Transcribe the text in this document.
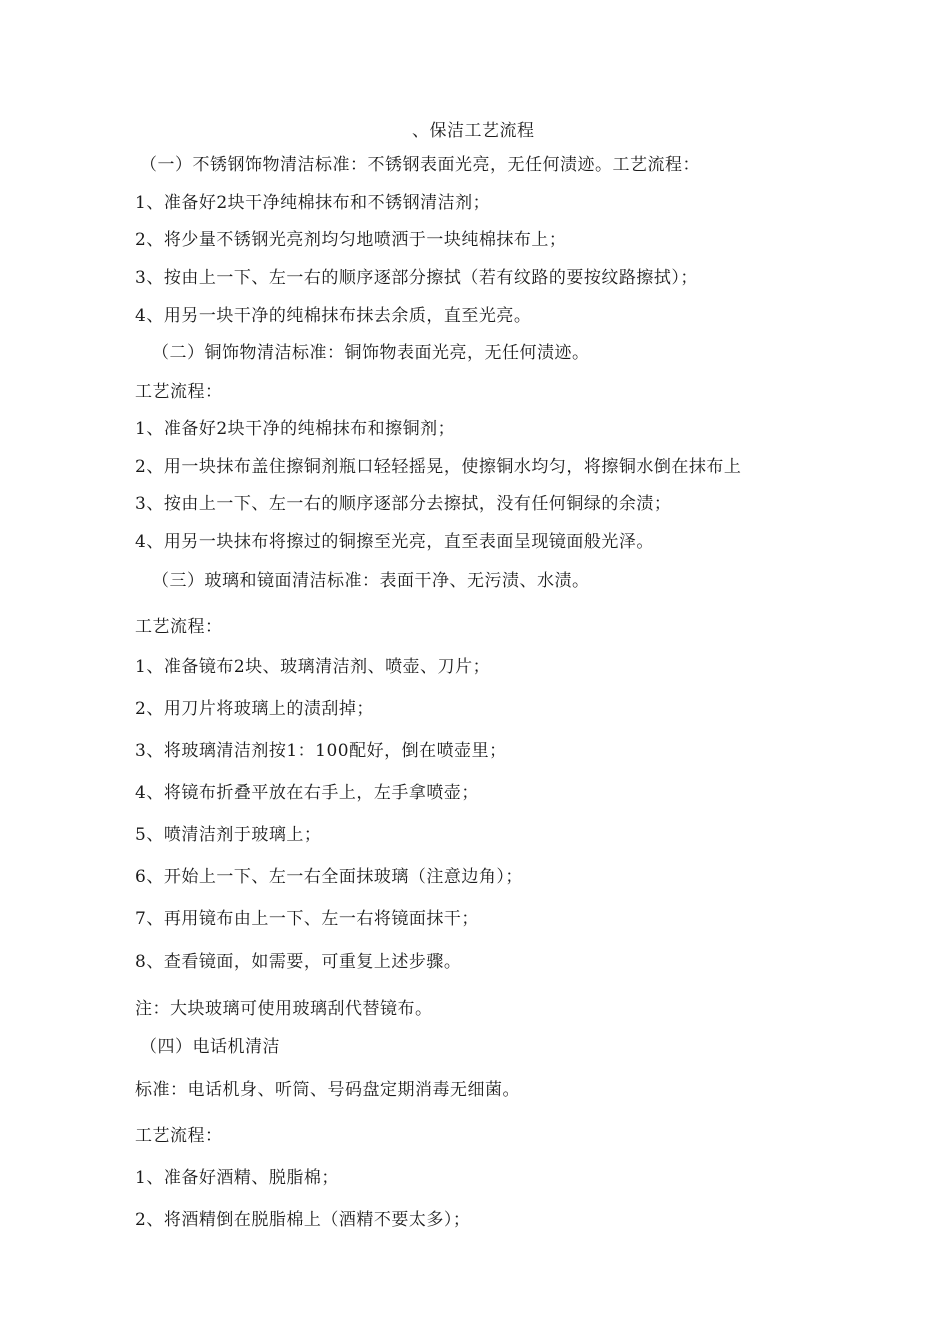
、保洁工艺流程
（一）不锈钢饰物清洁标准：不锈钢表面光亮，无任何渍迹。工艺流程：
1、准备好2块干净纯棉抹布和不锈钢清洁剂；
2、将少量不锈钢光亮剂均匀地喷洒于一块纯棉抹布上；
3、按由上一下、左一右的顺序逐部分擦拭（若有纹路的要按纹路擦拭）；
4、用另一块干净的纯棉抹布抹去余质，直至光亮。
（二）铜饰物清洁标准：铜饰物表面光亮，无任何渍迹。
工艺流程：
1、准备好2块干净的纯棉抹布和擦铜剂；
2、用一块抹布盖住擦铜剂瓶口轻轻摇晃，使擦铜水均匀，将擦铜水倒在抹布上
3、按由上一下、左一右的顺序逐部分去擦拭，没有任何铜绿的余渍；
4、用另一块抹布将擦过的铜擦至光亮，直至表面呈现镜面般光泽。
（三）玻璃和镜面清洁标准：表面干净、无污渍、水渍。
工艺流程：
1、准备镜布2块、玻璃清洁剂、喷壶、刀片；
2、用刀片将玻璃上的渍刮掉；
3、将玻璃清洁剂按1：100配好，倒在喷壶里；
4、将镜布折叠平放在右手上，左手拿喷壶；
5、喷清洁剂于玻璃上；
6、开始上一下、左一右全面抹玻璃（注意边角）；
7、再用镜布由上一下、左一右将镜面抹干；
8、查看镜面，如需要，可重复上述步骤。
注：大块玻璃可使用玻璃刮代替镜布。
（四）电话机清洁
标准：电话机身、听筒、号码盘定期消毒无细菌。
工艺流程：
1、准备好酒精、脱脂棉；
2、将酒精倒在脱脂棉上（酒精不要太多）；
